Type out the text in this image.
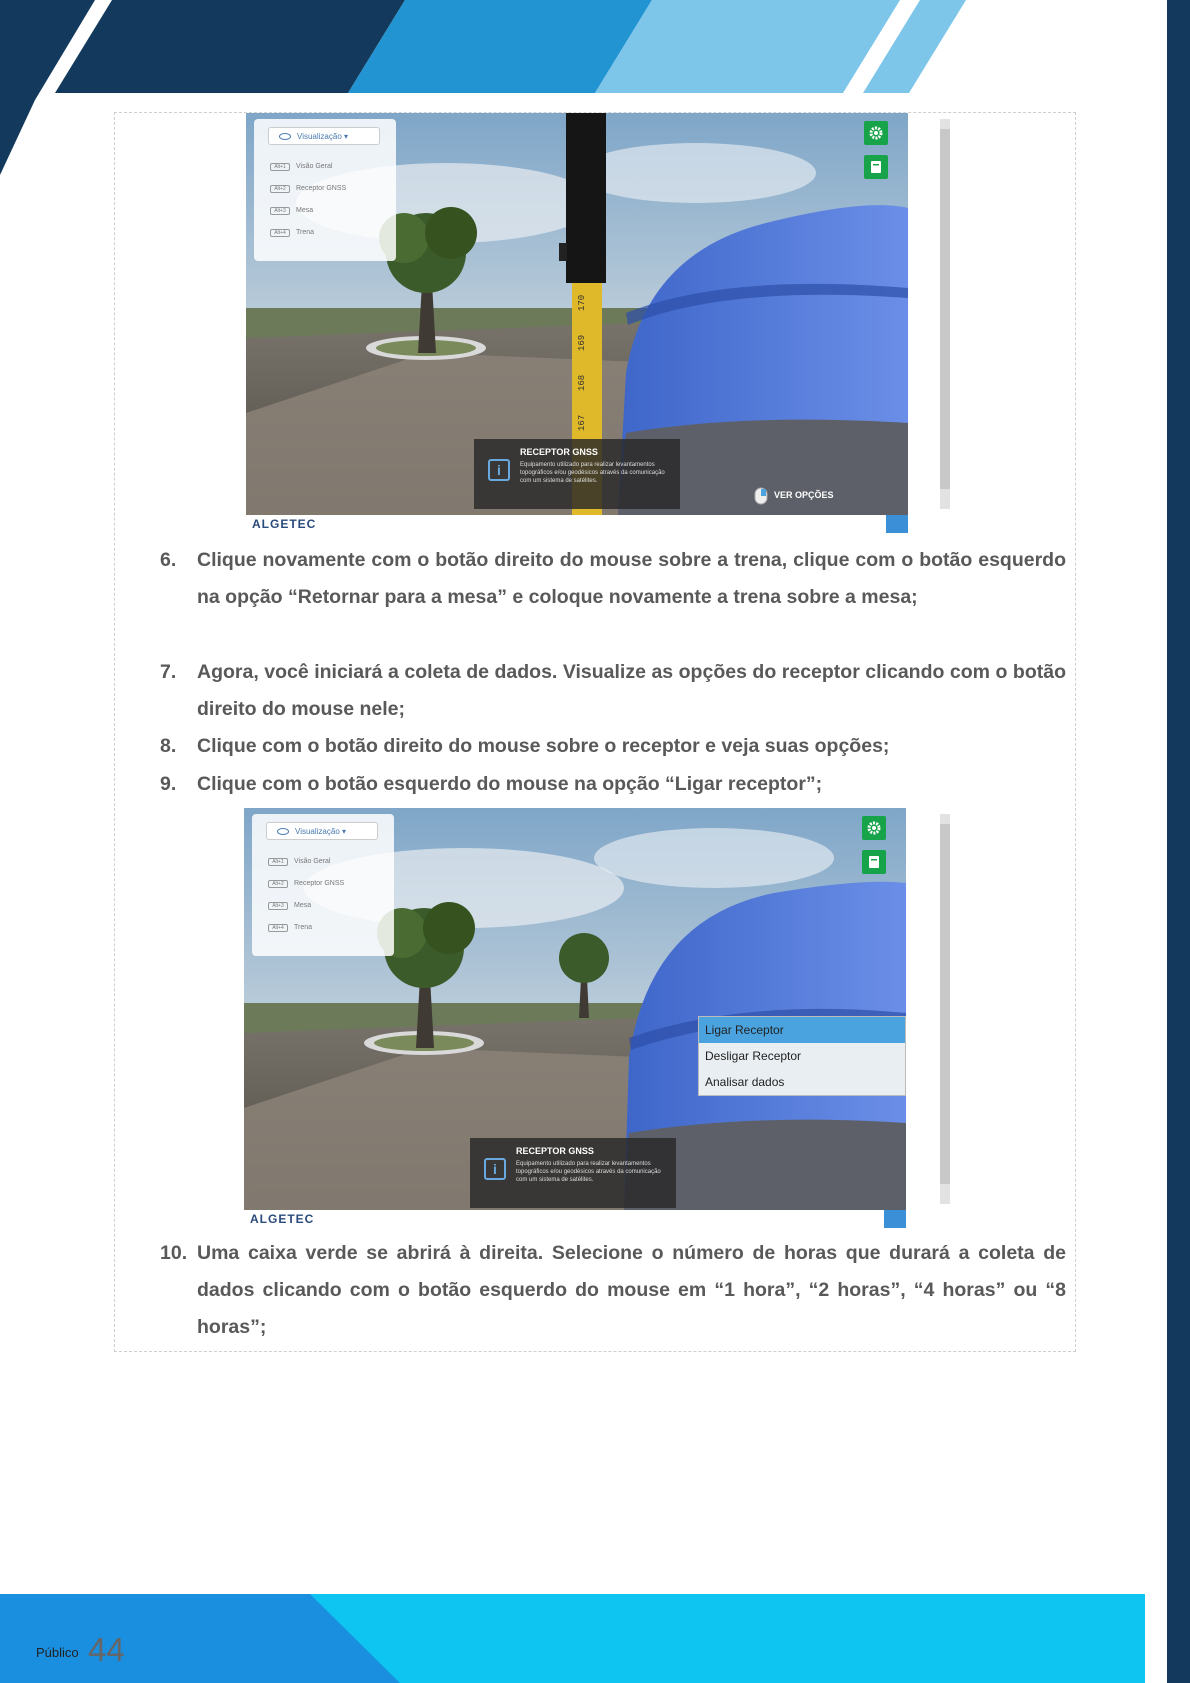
170
169
168
167
Visualização ▾
Alt+1	Visão Geral
Alt+2	Receptor GNSS
Alt+3	Mesa
Alt+4	Trena
i
RECEPTOR GNSS
Equipamento utilizado para realizar levantamentos topográficos e/ou geodésicos através da comunicação com um sistema de satélites.
VER OPÇÕES
ALGETEC
6.	Clique novamente com o botão direito do mouse sobre a trena, clique com o botão esquerdo na opção “Retornar para a mesa” e coloque novamente a trena sobre a mesa;
7.	Agora, você iniciará a coleta de dados. Visualize as opções do receptor clicando com o botão direito do mouse nele;
8.	Clique com o botão direito do mouse sobre o receptor e veja suas opções;
9.	Clique com o botão esquerdo do mouse na opção “Ligar receptor”;
Visualização ▾
Alt+1	Visão Geral
Alt+2	Receptor GNSS
Alt+3	Mesa
Alt+4	Trena
Ligar Receptor
Desligar Receptor
Analisar dados
i
RECEPTOR GNSS
Equipamento utilizado para realizar levantamentos topográficos e/ou geodésicos através da comunicação com um sistema de satélites.
ALGETEC
10. Uma caixa verde se abrirá à direita. Selecione o número de horas que durará a coleta de dados clicando com o botão esquerdo do mouse em “1 hora”, “2 horas”, “4 horas” ou “8 horas”;
Público 44
